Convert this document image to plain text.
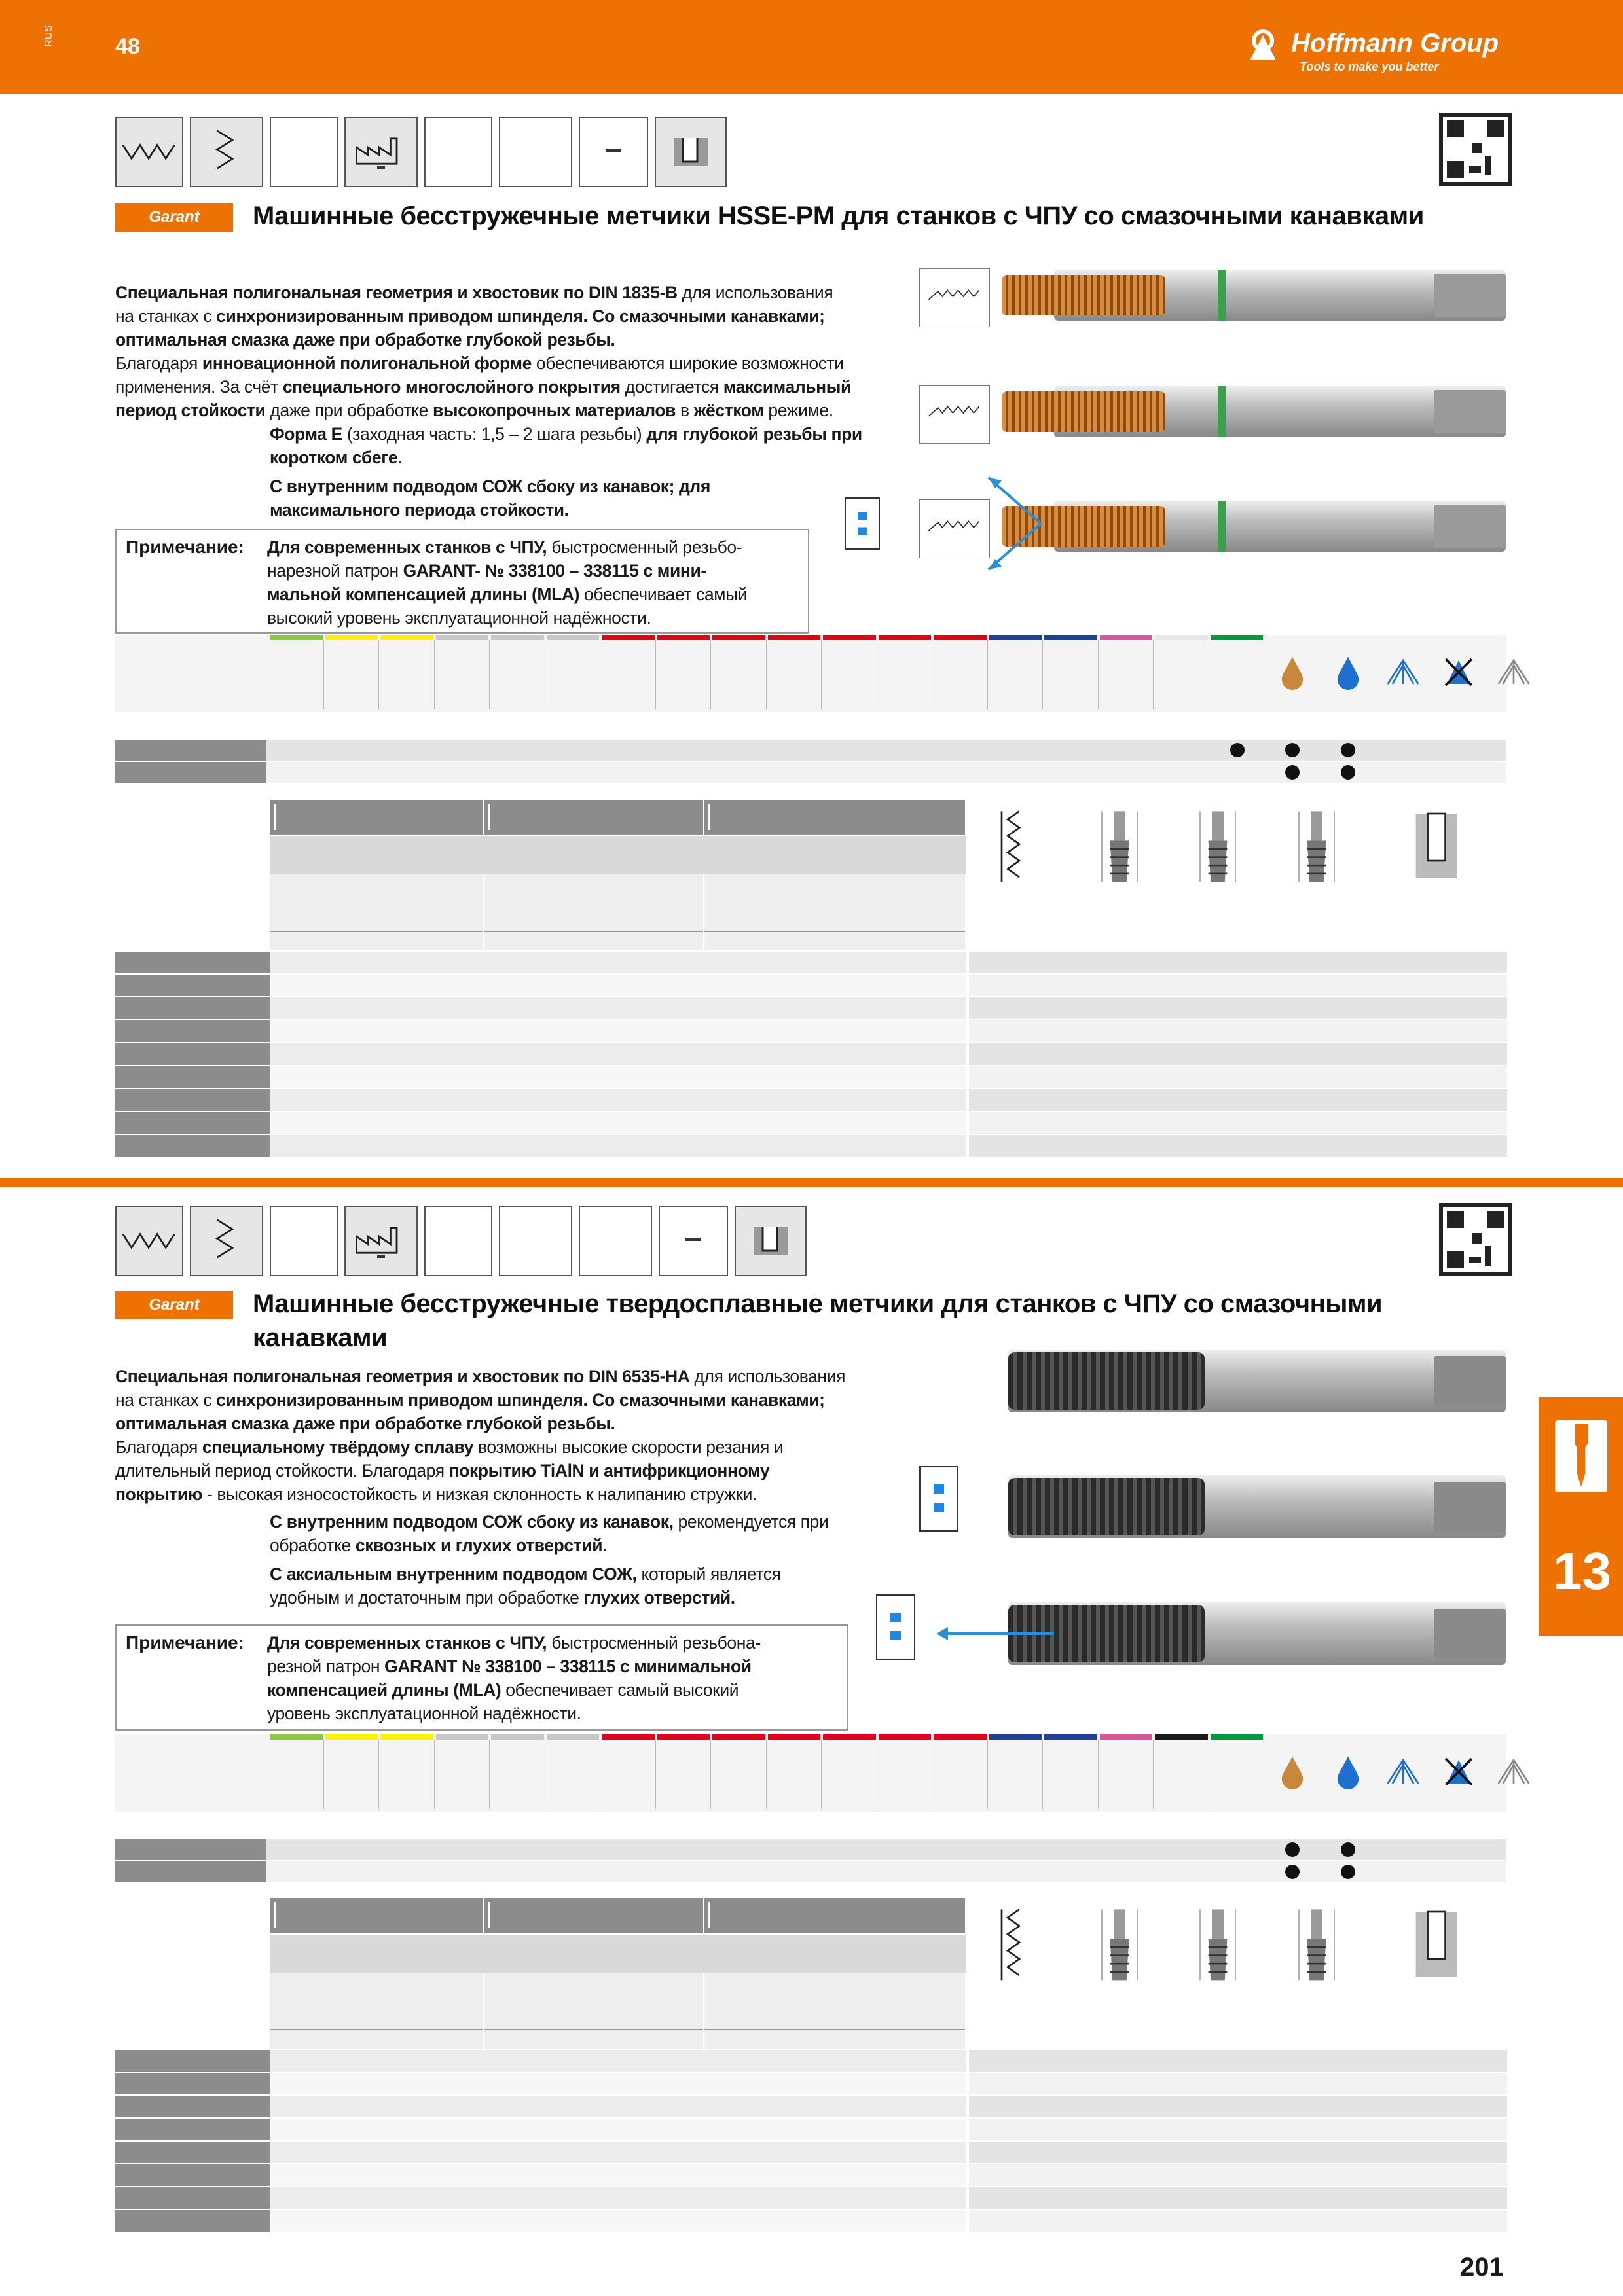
RUS	48	Hoffmann Group
Tools to make you better
Garant	Машинные бесстружечные метчики HSSE-PM для станков с ЧПУ со смазочными канавками
Специальная полигональная геометрия и хвостовик по DIN 1835-B для использования
на станках с синхронизированным приводом шпинделя. Со смазочными канавками;
оптимальная смазка даже при обработке глубокой резьбы.
Благодаря инновационной полигональной форме обеспечиваются широкие возможности
применения. За счёт специального многослойного покрытия достигается максимальный
период стойкости даже при обработке высокопрочных материалов в жёстком режиме.
Форма E (заходная часть: 1,5 – 2 шага резьбы) для глубокой резьбы при
коротком сбеге.
С внутренним подводом СОЖ сбоку из канавок; для
максимального периода стойкости.
Примечание: Для современных станков с ЧПУ, быстросменный резьбо-
нарезной патрон GARANT- № 338100 – 338115 с мини-
мальной компенсацией длины (MLA) обеспечивает самый
высокий уровень эксплуатационной надёжности.
Garant	Машинные бесстружечные твердосплавные метчики для станков с ЧПУ со смазочными
канавками
Специальная полигональная геометрия и хвостовик по DIN 6535-HA для использования
на станках с синхронизированным приводом шпинделя. Со смазочными канавками;
оптимальная смазка даже при обработке глубокой резьбы.
Благодаря специальному твёрдому сплаву возможны высокие скорости резания и
длительный период стойкости. Благодаря покрытию TiAlN и антифрикционному
покрытию - высокая износостойкость и низкая склонность к налипанию стружки.
С внутренним подводом СОЖ сбоку из канавок, рекомендуется при
обработке сквозных и глухих отверстий.
С аксиальным внутренним подводом СОЖ, который является
удобным и достаточным при обработке глухих отверстий.
Примечание: Для современных станков с ЧПУ, быстросменный резьбона-
резной патрон GARANT № 338100 – 338115 с минимальной
компенсацией длины (MLA) обеспечивает самый высокий
уровень эксплуатационной надёжности.
13
201
